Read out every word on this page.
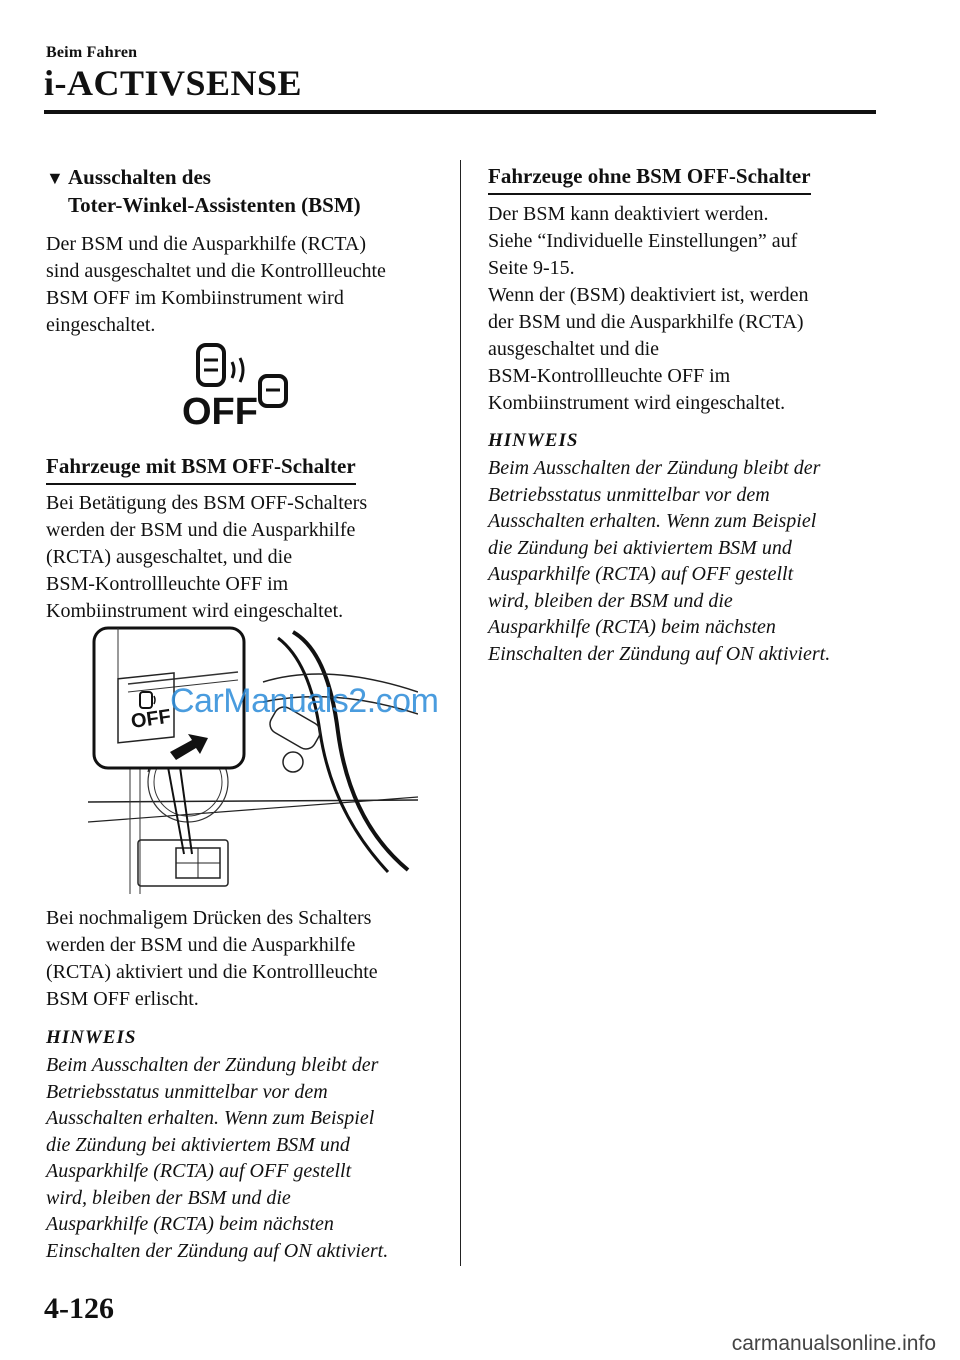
Beim Fahren
i-ACTIVSENSE
▼ Ausschalten des
Toter-Winkel-Assistenten (BSM)
Der BSM und die Ausparkhilfe (RCTA)
sind ausgeschaltet und die Kontrollleuchte
BSM OFF im Kombiinstrument wird
eingeschaltet.
OFF
Fahrzeuge mit BSM OFF-Schalter
Bei Betätigung des BSM OFF-Schalters
werden der BSM und die Ausparkhilfe
(RCTA) ausgeschaltet, und die
BSM-Kontrollleuchte OFF im
Kombiinstrument wird eingeschaltet.
OFF
CarManuals2.com
Bei nochmaligem Drücken des Schalters
werden der BSM und die Ausparkhilfe
(RCTA) aktiviert und die Kontrollleuchte
BSM OFF erlischt.
HINWEIS
Beim Ausschalten der Zündung bleibt der
Betriebsstatus unmittelbar vor dem
Ausschalten erhalten. Wenn zum Beispiel
die Zündung bei aktiviertem BSM und
Ausparkhilfe (RCTA) auf OFF gestellt
wird, bleiben der BSM und die
Ausparkhilfe (RCTA) beim nächsten
Einschalten der Zündung auf ON aktiviert.
Fahrzeuge ohne BSM OFF-Schalter
Der BSM kann deaktiviert werden.
Siehe “Individuelle Einstellungen” auf
Seite 9-15.
Wenn der (BSM) deaktiviert ist, werden
der BSM und die Ausparkhilfe (RCTA)
ausgeschaltet und die
BSM-Kontrollleuchte OFF im
Kombiinstrument wird eingeschaltet.
HINWEIS
Beim Ausschalten der Zündung bleibt der
Betriebsstatus unmittelbar vor dem
Ausschalten erhalten. Wenn zum Beispiel
die Zündung bei aktiviertem BSM und
Ausparkhilfe (RCTA) auf OFF gestellt
wird, bleiben der BSM und die
Ausparkhilfe (RCTA) beim nächsten
Einschalten der Zündung auf ON aktiviert.
4-126
carmanualsonline.info
